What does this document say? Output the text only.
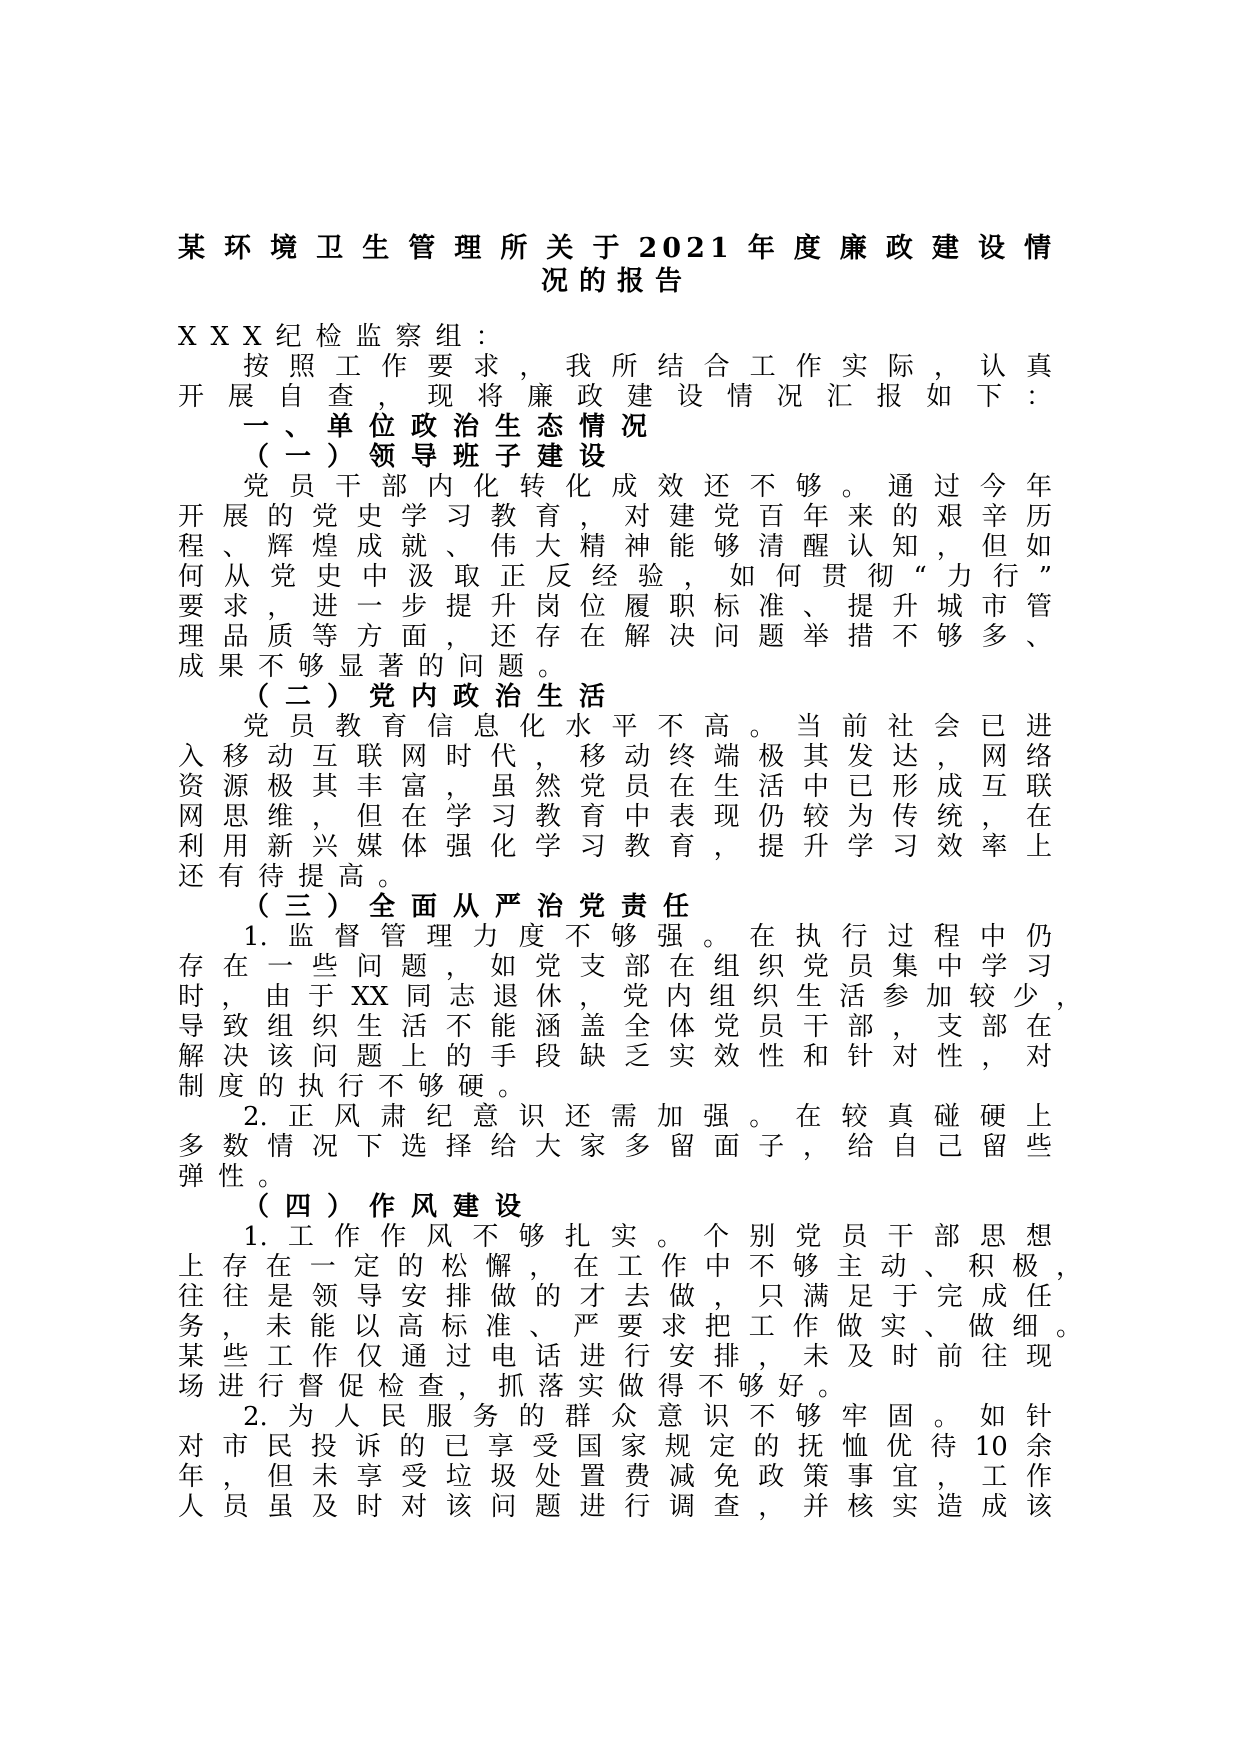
某环境卫生管理所关于2021年度廉政建设情
况的报告
XXX纪检监察组：
按照工作要求，我所结合工作实际，认真
开展自查，现将廉政建设情况汇报如下：
一、单位政治生态情况
（一）领导班子建设
党员干部内化转化成效还不够。通过今年
开展的党史学习教育，对建党百年来的艰辛历
程、辉煌成就、伟大精神能够清醒认知，但如
何从党史中汲取正反经验，如何贯彻“力行”
要求，进一步提升岗位履职标准、提升城市管
理品质等方面，还存在解决问题举措不够多、
成果不够显著的问题。
（二）党内政治生活
党员教育信息化水平不高。当前社会已进
入移动互联网时代，移动终端极其发达，网络
资源极其丰富，虽然党员在生活中已形成互联
网思维，但在学习教育中表现仍较为传统，在
利用新兴媒体强化学习教育，提升学习效率上
还有待提高。
（三）全面从严治党责任
1.监督管理力度不够强。在执行过程中仍
存在一些问题，如党支部在组织党员集中学习
时，由于XX同志退休，党内组织生活参加较少，
导致组织生活不能涵盖全体党员干部，支部在
解决该问题上的手段缺乏实效性和针对性，对
制度的执行不够硬。
2.正风肃纪意识还需加强。在较真碰硬上
多数情况下选择给大家多留面子，给自己留些
弹性。
（四）作风建设
1.工作作风不够扎实。个别党员干部思想
上存在一定的松懈，在工作中不够主动、积极，
往往是领导安排做的才去做，只满足于完成任
务，未能以高标准、严要求把工作做实、做细。
某些工作仅通过电话进行安排，未及时前往现
场进行督促检查，抓落实做得不够好。
2.为人民服务的群众意识不够牢固。如针
对市民投诉的已享受国家规定的抚恤优待10余
年，但未享受垃圾处置费减免政策事宜，工作
人员虽及时对该问题进行调查，并核实造成该
